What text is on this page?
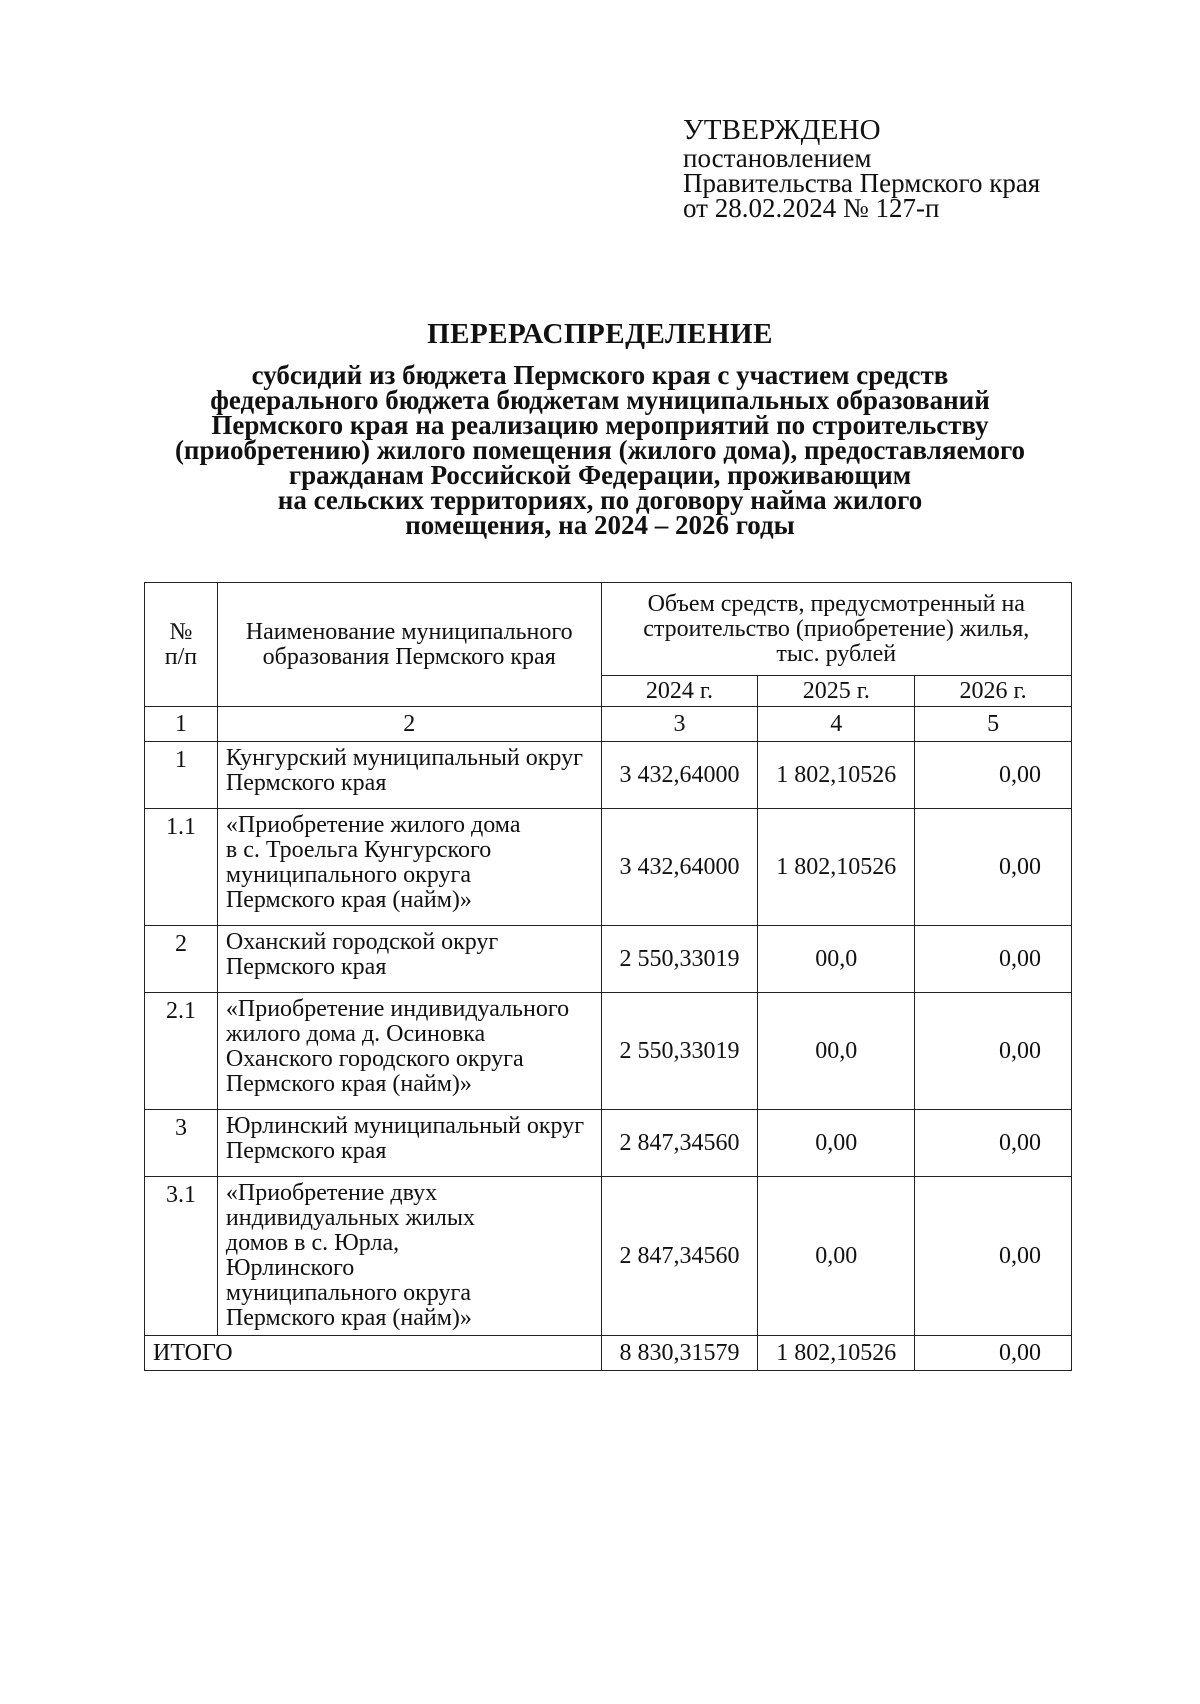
УТВЕРЖДЕНО
постановлением
Правительства Пермского края
от 28.02.2024 № 127-п
ПЕРЕРАСПРЕДЕЛЕНИЕ
субсидий из бюджета Пермского края с участием средств
федерального бюджета бюджетам муниципальных образований
Пермского края на реализацию мероприятий по строительству
(приобретению) жилого помещения (жилого дома), предоставляемого
гражданам Российской Федерации, проживающим
на сельских территориях, по договору найма жилого
помещения, на 2024 – 2026 годы
№
п/п	Наименование муниципального образования Пермского края	Объем средств, предусмотренный на строительство (приобретение) жилья, тыс. рублей		
		2024 г.	2025 г.	2026 г.
1	2	3	4	5
1	Кунгурский муниципальный округ Пермского края	3 432,64000	1 802,10526	0,00
1.1	«Приобретение жилого дома в с. Троельга Кунгурского муниципального округа Пермского края (найм)»	3 432,64000	1 802,10526	0,00
2	Оханский городской округ Пермского края	2 550,33019	00,0	0,00
2.1	«Приобретение индивидуального жилого дома д. Осиновка Оханского городского округа Пермского края (найм)»	2 550,33019	00,0	0,00
3	Юрлинский муниципальный округ Пермского края	2 847,34560	0,00	0,00
3.1	«Приобретение двух индивидуальных жилых домов в с. Юрла, Юрлинского муниципального округа Пермского края (найм)»	2 847,34560	0,00	0,00
ИТОГО		8 830,31579	1 802,10526	0,00
